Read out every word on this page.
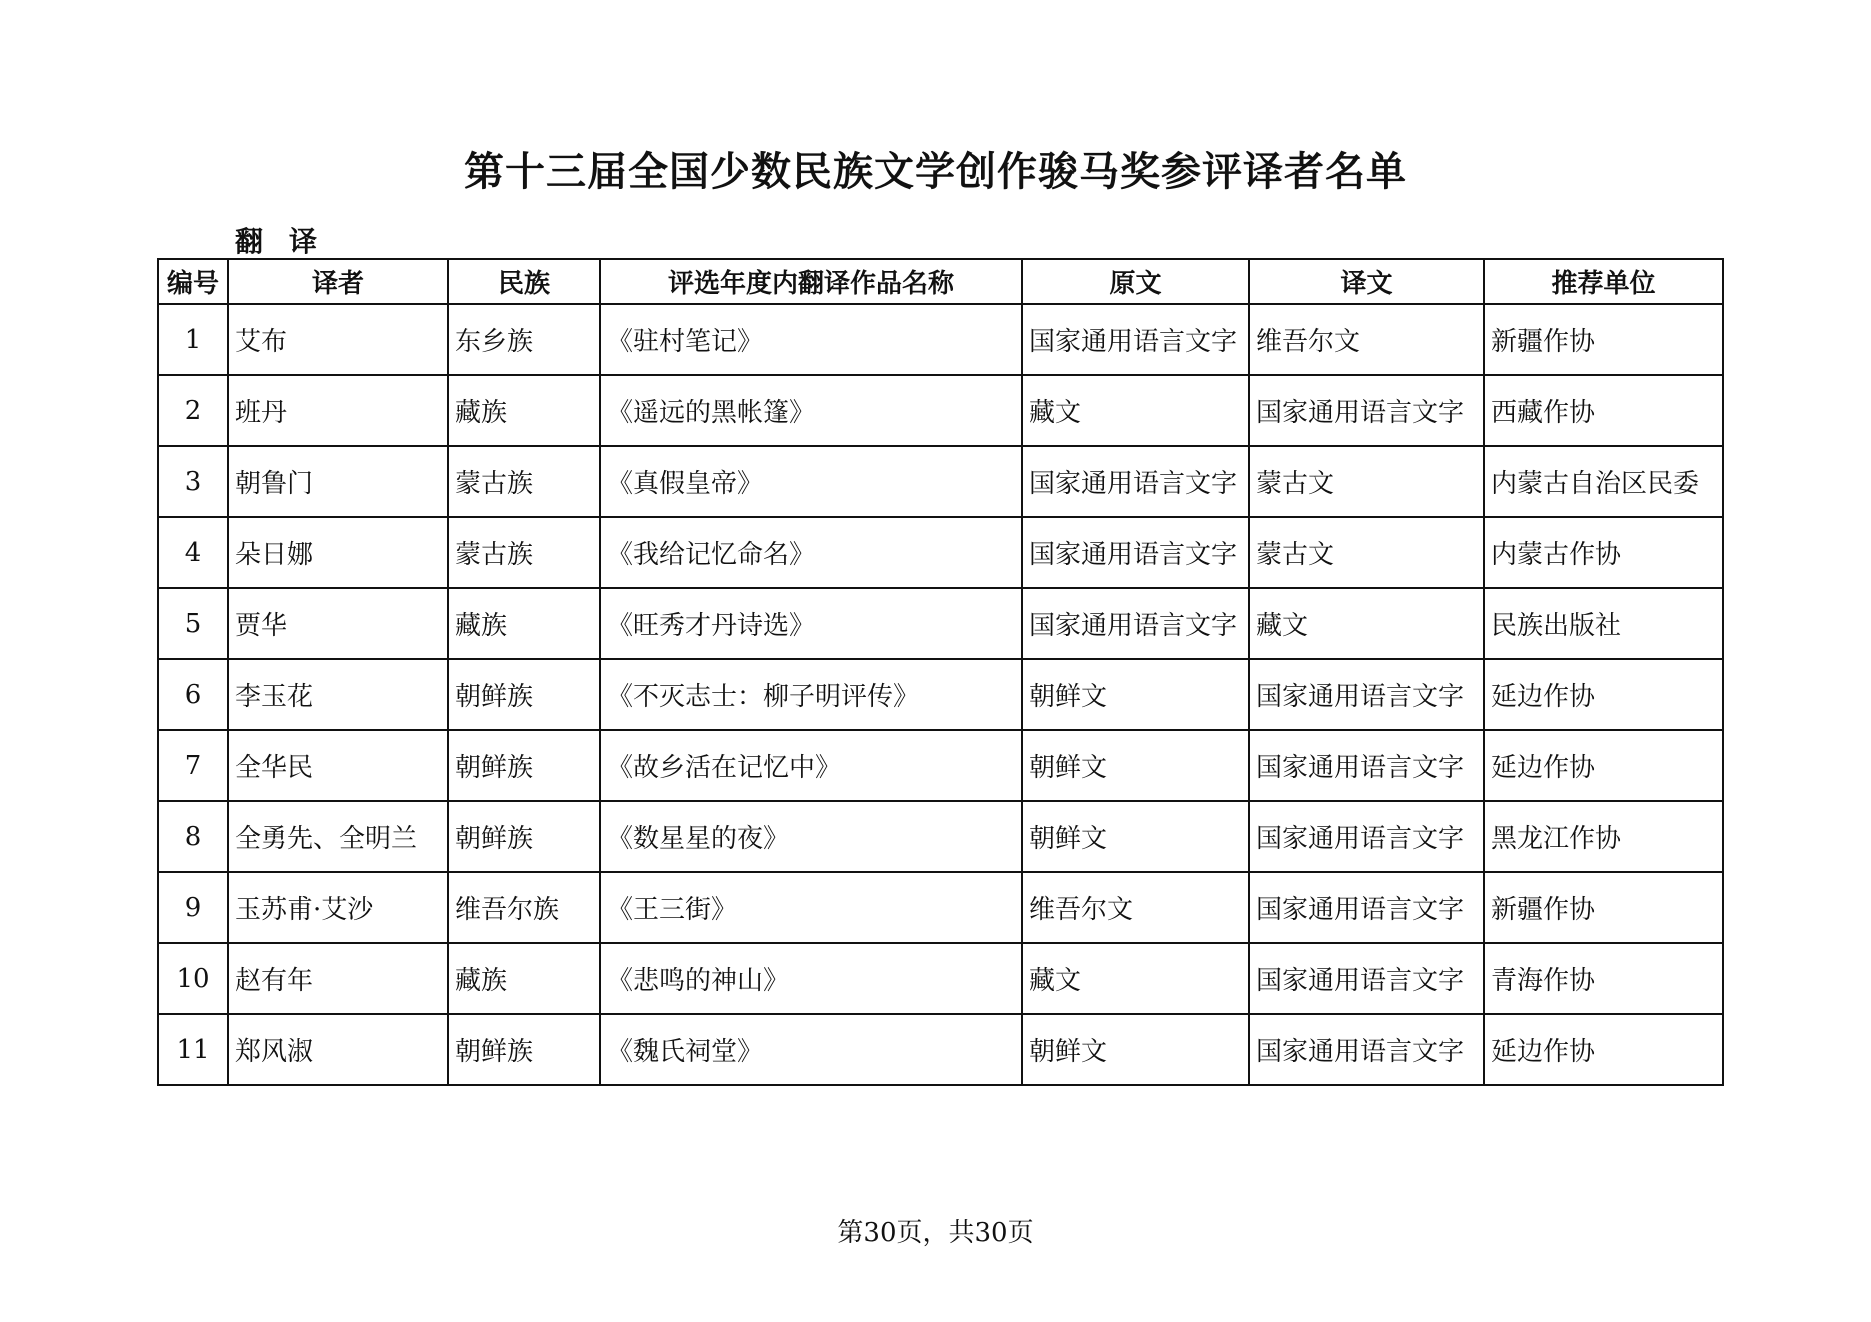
第十三届全国少数民族文学创作骏马奖参评译者名单
翻译
编号	译者	民族	评选年度内翻译作品名称	原文	译文	推荐单位
1	艾布	东乡族	《驻村笔记》	国家通用语言文字	维吾尔文	新疆作协
2	班丹	藏族	《遥远的黑帐篷》	藏文	国家通用语言文字	西藏作协
3	朝鲁门	蒙古族	《真假皇帝》	国家通用语言文字	蒙古文	内蒙古自治区民委
4	朵日娜	蒙古族	《我给记忆命名》	国家通用语言文字	蒙古文	内蒙古作协
5	贾华	藏族	《旺秀才丹诗选》	国家通用语言文字	藏文	民族出版社
6	李玉花	朝鲜族	《不灭志士：柳子明评传》	朝鲜文	国家通用语言文字	延边作协
7	全华民	朝鲜族	《故乡活在记忆中》	朝鲜文	国家通用语言文字	延边作协
8	全勇先、全明兰	朝鲜族	《数星星的夜》	朝鲜文	国家通用语言文字	黑龙江作协
9	玉苏甫·艾沙	维吾尔族	《王三街》	维吾尔文	国家通用语言文字	新疆作协
10	赵有年	藏族	《悲鸣的神山》	藏文	国家通用语言文字	青海作协
11	郑风淑	朝鲜族	《魏氏祠堂》	朝鲜文	国家通用语言文字	延边作协
第30页，共30页
